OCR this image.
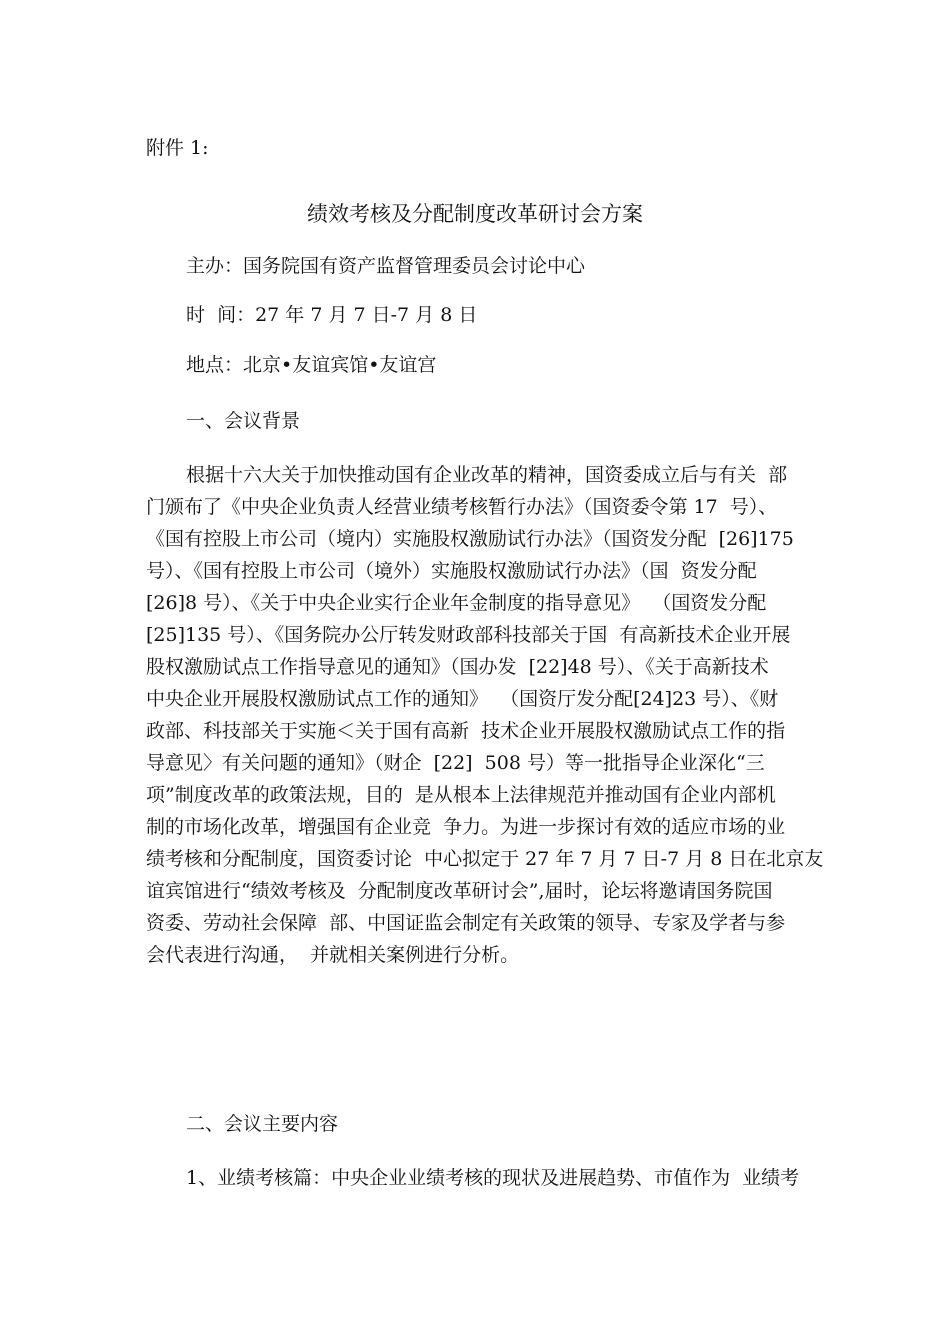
附件 1:
绩效考核及分配制度改革研讨会方案
主办：国务院国有资产监督管理委员会讨论中心
时  间：27 年 7 月 7 日-7 月 8 日
地点：北京•友谊宾馆•友谊宫
一、会议背景
根据十六大关于加快推动国有企业改革的精神，国资委成立后与有关  部
门颁布了《中央企业负责人经营业绩考核暂行办法》（国资委令第 17  号）、
《国有控股上市公司（境内）实施股权激励试行办法》（国资发分配  [26]175
号）、《国有控股上市公司（境外）实施股权激励试行办法》（国  资发分配
[26]8 号）、《关于中央企业实行企业年金制度的指导意见》  （国资发分配
[25]135 号）、《国务院办公厅转发财政部科技部关于国  有高新技术企业开展
股权激励试点工作指导意见的通知》（国办发  [22]48 号）、《关于高新技术
中央企业开展股权激励试点工作的通知》  （国资厅发分配[24]23 号）、《财
政部、科技部关于实施＜关于国有高新  技术企业开展股权激励试点工作的指
导意见〉有关问题的通知》（财企  [22]  508 号）等一批指导企业深化“三
项”制度改革的政策法规，目的  是从根本上法律规范并推动国有企业内部机
制的市场化改革，增强国有企业竞  争力。为进一步探讨有效的适应市场的业
绩考核和分配制度，国资委讨论  中心拟定于 27 年 7 月 7 日-7 月 8 日在北京友
谊宾馆进行“绩效考核及  分配制度改革研讨会”,届时，论坛将邀请国务院国
资委、劳动社会保障  部、中国证监会制定有关政策的领导、专家及学者与参
会代表进行沟通，  并就相关案例进行分析。
二、会议主要内容
1、业绩考核篇：中央企业业绩考核的现状及进展趋势、市值作为  业绩考
